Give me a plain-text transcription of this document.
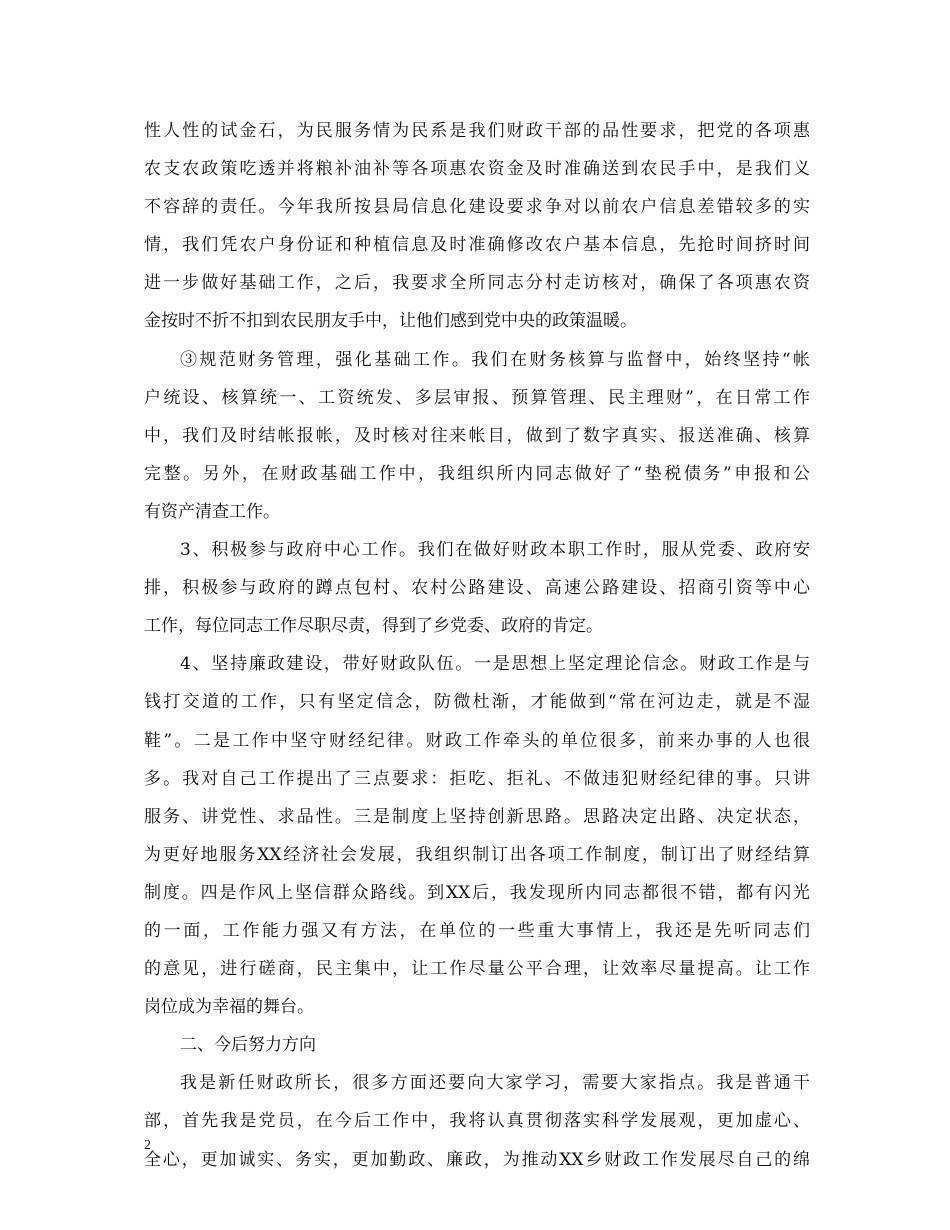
性人性的试金石，为民服务情为民系是我们财政干部的品性要求，把党的各项惠
农支农政策吃透并将粮补油补等各项惠农资金及时准确送到农民手中，是我们义
不容辞的责任。今年我所按县局信息化建设要求争对以前农户信息差错较多的实
情，我们凭农户身份证和种植信息及时准确修改农户基本信息，先抢时间挤时间
进一步做好基础工作，之后，我要求全所同志分村走访核对，确保了各项惠农资
金按时不折不扣到农民朋友手中，让他们感到党中央的政策温暖。
③规范财务管理，强化基础工作。我们在财务核算与监督中，始终坚持“帐
户统设、核算统一、工资统发、多层审报、预算管理、民主理财”，在日常工作
中，我们及时结帐报帐，及时核对往来帐目，做到了数字真实、报送准确、核算
完整。另外，在财政基础工作中，我组织所内同志做好了“垫税债务”申报和公
有资产清查工作。
3、积极参与政府中心工作。我们在做好财政本职工作时，服从党委、政府安
排，积极参与政府的蹲点包村、农村公路建设、高速公路建设、招商引资等中心
工作，每位同志工作尽职尽责，得到了乡党委、政府的肯定。
4、坚持廉政建设，带好财政队伍。一是思想上坚定理论信念。财政工作是与
钱打交道的工作，只有坚定信念，防微杜渐，才能做到“常在河边走，就是不湿
鞋”。二是工作中坚守财经纪律。财政工作牵头的单位很多，前来办事的人也很
多。我对自己工作提出了三点要求：拒吃、拒礼、不做违犯财经纪律的事。只讲
服务、讲党性、求品性。三是制度上坚持创新思路。思路决定出路、决定状态，
为更好地服务XX经济社会发展，我组织制订出各项工作制度，制订出了财经结算
制度。四是作风上坚信群众路线。到XX后，我发现所内同志都很不错，都有闪光
的一面，工作能力强又有方法，在单位的一些重大事情上，我还是先听同志们
的意见，进行磋商，民主集中，让工作尽量公平合理，让效率尽量提高。让工作
岗位成为幸福的舞台。
二、今后努力方向
我是新任财政所长，很多方面还要向大家学习，需要大家指点。我是普通干
部，首先我是党员，在今后工作中，我将认真贯彻落实科学发展观，更加虚心、
全心，更加诚实、务实，更加勤政、廉政，为推动XX乡财政工作发展尽自己的绵
2
